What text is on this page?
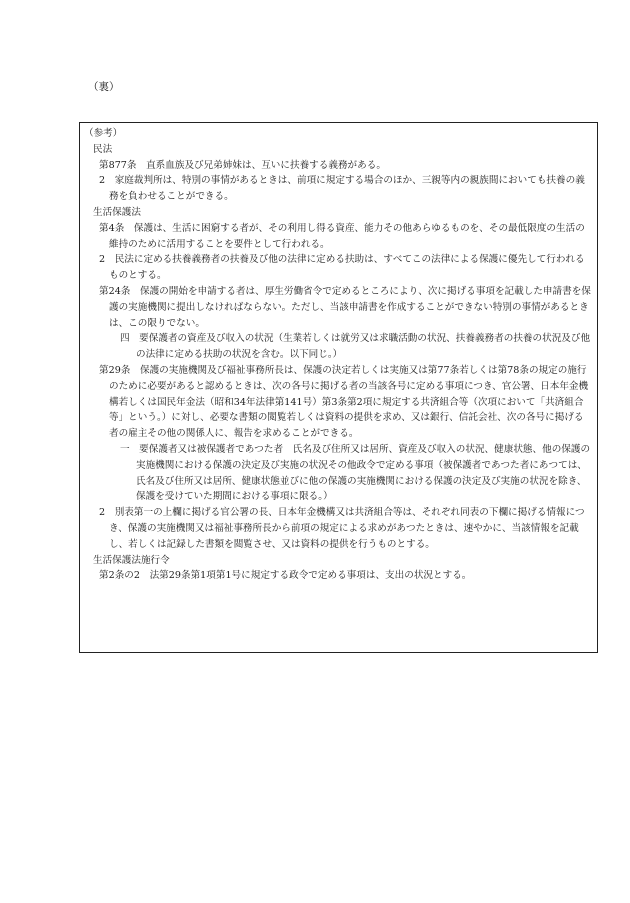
（裏）
（参考）
民法
第877条　直系血族及び兄弟姉妹は、互いに扶養する義務がある。
2　家庭裁判所は、特別の事情があるときは、前項に規定する場合のほか、三親等内の親族間においても扶養の義務を負わせることができる。
生活保護法
第4条　保護は、生活に困窮する者が、その利用し得る資産、能力その他あらゆるものを、その最低限度の生活の維持のために活用することを要件として行われる。
2　民法に定める扶養義務者の扶養及び他の法律に定める扶助は、すべてこの法律による保護に優先して行われるものとする。
第24条　保護の開始を申請する者は、厚生労働省令で定めるところにより、次に掲げる事項を記載した申請書を保護の実施機関に提出しなければならない。ただし、当該申請書を作成することができない特別の事情があるときは、この限りでない。
四　要保護者の資産及び収入の状況（生業若しくは就労又は求職活動の状況、扶養義務者の扶養の状況及び他の法律に定める扶助の状況を含む。以下同じ。）
第29条　保護の実施機関及び福祉事務所長は、保護の決定若しくは実施又は第77条若しくは第78条の規定の施行のために必要があると認めるときは、次の各号に掲げる者の当該各号に定める事項につき、官公署、日本年金機構若しくは国民年金法（昭和34年法律第141号）第3条第2項に規定する共済組合等（次項において「共済組合等」という。）に対し、必要な書類の閲覧若しくは資料の提供を求め、又は銀行、信託会社、次の各号に掲げる者の雇主その他の関係人に、報告を求めることができる。
一　要保護者又は被保護者であつた者　氏名及び住所又は居所、資産及び収入の状況、健康状態、他の保護の実施機関における保護の決定及び実施の状況その他政令で定める事項（被保護者であつた者にあつては、氏名及び住所又は居所、健康状態並びに他の保護の実施機関における保護の決定及び実施の状況を除き、保護を受けていた期間における事項に限る。）
2　別表第一の上欄に掲げる官公署の長、日本年金機構又は共済組合等は、それぞれ同表の下欄に掲げる情報につき、保護の実施機関又は福祉事務所長から前項の規定による求めがあつたときは、速やかに、当該情報を記載し、若しくは記録した書類を閲覧させ、又は資料の提供を行うものとする。
生活保護法施行令
第2条の2　法第29条第1項第1号に規定する政令で定める事項は、支出の状況とする。
